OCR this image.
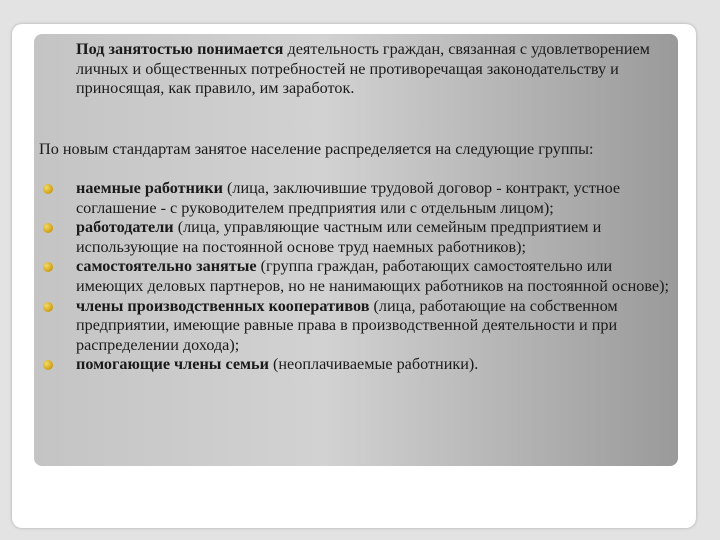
Под занятостью понимается деятельность граждан, связанная с удовлетворением личных и общественных потребностей не противоречащая законодательству и приносящая, как правило, им заработок.
По новым стандартам занятое население распределяется на следующие группы:
наемные работники (лица, заключившие трудовой договор - контракт, устное соглашение - с руководителем предприятия или с отдельным лицом);
работодатели (лица, управляющие частным или семейным предприятием и использующие на постоянной основе труд наемных работников);
самостоятельно занятые (группа граждан, работающих самостоятельно или имеющих деловых партнеров, но не нанимающих работников на постоянной основе);
члены производственных кооперативов (лица, работающие на собственном предприятии, имеющие равные права в производственной деятельности и при распределении дохода);
помогающие члены семьи (неоплачиваемые работники).
